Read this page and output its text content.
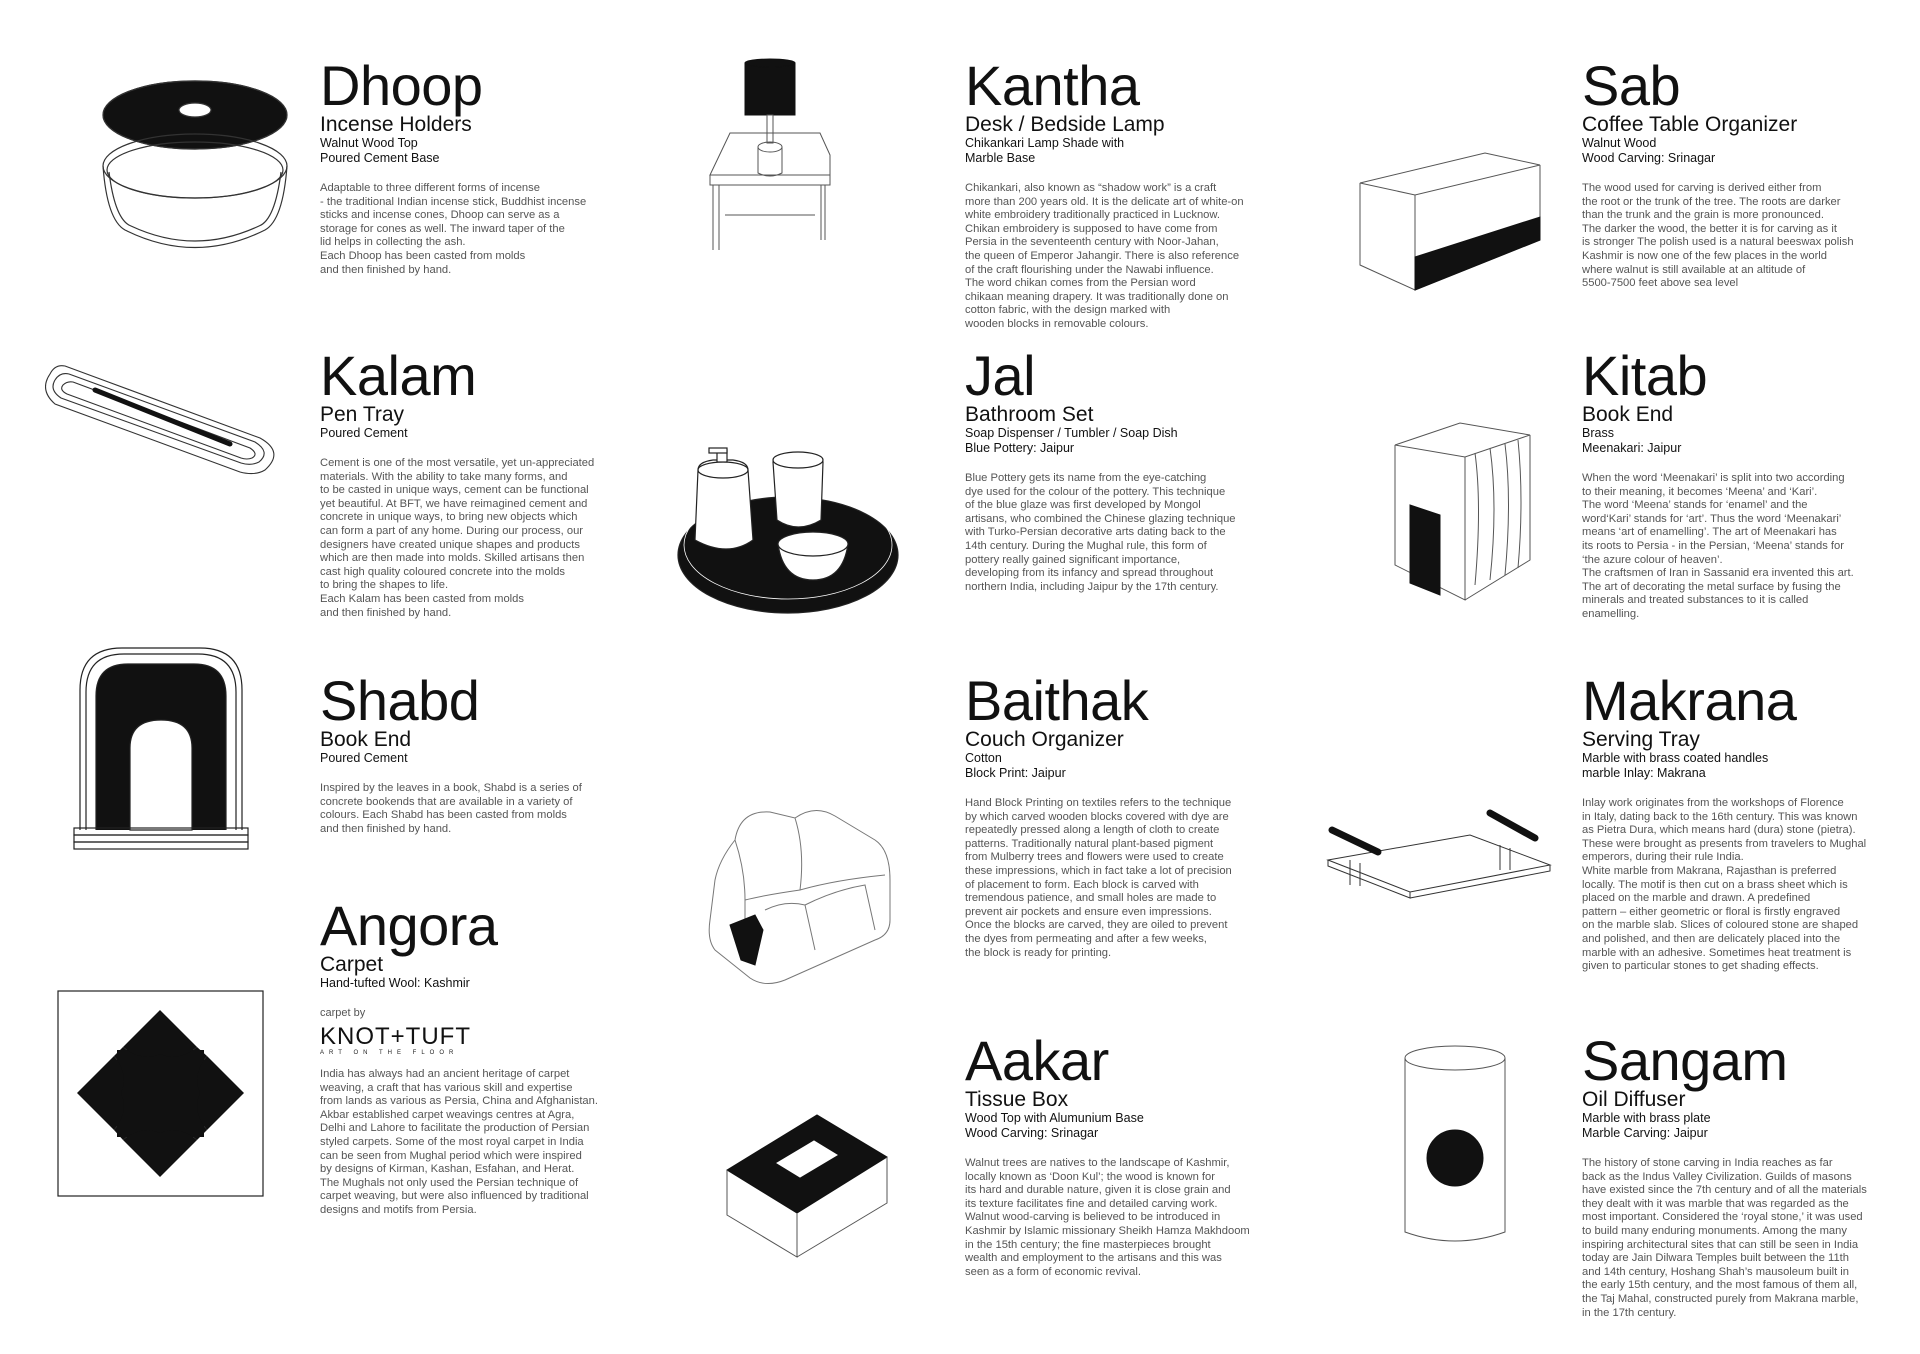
Dhoop
Incense Holders
Walnut Wood Top
Poured Cement Base
Adaptable to three different forms of incense
- the traditional Indian incense stick, Buddhist incense
sticks and incense cones, Dhoop can serve as a
storage for cones as well. The inward taper of the
lid helps in collecting the ash.
Each Dhoop has been casted from molds
and then finished by hand.
Kantha
Desk / Bedside Lamp
Chikankari Lamp Shade with
Marble Base
Chikankari, also known as “shadow work” is a craft
more than 200 years old. It is the delicate art of white-on
white embroidery traditionally practiced in Lucknow.
Chikan embroidery is supposed to have come from
Persia in the seventeenth century with Noor-Jahan,
the queen of Emperor Jahangir. There is also reference
of the craft flourishing under the Nawabi influence.
The word chikan comes from the Persian word
chikaan meaning drapery. It was traditionally done on
cotton fabric, with the design marked with
wooden blocks in removable colours.
Sab
Coffee Table Organizer
Walnut Wood
Wood Carving: Srinagar
The wood used for carving is derived either from
the root or the trunk of the tree. The roots are darker
than the trunk and the grain is more pronounced.
The darker the wood, the better it is for carving as it
is stronger The polish used is a natural beeswax polish
Kashmir is now one of the few places in the world
where walnut is still available at an altitude of
5500-7500 feet above sea level
Kalam
Pen Tray
Poured Cement
Cement is one of the most versatile, yet un-appreciated
materials. With the ability to take many forms, and
to be casted in unique ways, cement can be functional
yet beautiful. At BFT, we have reimagined cement and
concrete in unique ways, to bring new objects which
can form a part of any home. During our process, our
designers have created unique shapes and products
which are then made into molds. Skilled artisans then
cast high quality coloured concrete into the molds
to bring the shapes to life.
Each Kalam has been casted from molds
and then finished by hand.
Jal
Bathroom Set
Soap Dispenser / Tumbler / Soap Dish
Blue Pottery: Jaipur
Blue Pottery gets its name from the eye-catching
dye used for the colour of the pottery. This technique
of the blue glaze was first developed by Mongol
artisans, who combined the Chinese glazing technique
with Turko-Persian decorative arts dating back to the
14th century. During the Mughal rule, this form of
pottery really gained significant importance,
developing from its infancy and spread throughout
northern India, including Jaipur by the 17th century.
Kitab
Book End
Brass
Meenakari: Jaipur
When the word ‘Meenakari’ is split into two according
to their meaning, it becomes ‘Meena’ and ‘Kari’.
The word ‘Meena’ stands for ‘enamel’ and the
word‘Kari’ stands for ‘art’. Thus the word ‘Meenakari’
means ‘art of enamelling’. The art of Meenakari has
its roots to Persia - in the Persian, ‘Meena’ stands for
‘the azure colour of heaven’.
The craftsmen of Iran in Sassanid era invented this art.
The art of decorating the metal surface by fusing the
minerals and treated substances to it is called
enamelling.
Shabd
Book End
Poured Cement
Inspired by the leaves in a book, Shabd is a series of
concrete bookends that are available in a variety of
colours. Each Shabd has been casted from molds
and then finished by hand.
Baithak
Couch Organizer
Cotton
Block Print: Jaipur
Hand Block Printing on textiles refers to the technique
by which carved wooden blocks covered with dye are
repeatedly pressed along a length of cloth to create
patterns. Traditionally natural plant-based pigment
from Mulberry trees and flowers were used to create
these impressions, which in fact take a lot of precision
of placement to form. Each block is carved with
tremendous patience, and small holes are made to
prevent air pockets and ensure even impressions.
Once the blocks are carved, they are oiled to prevent
the dyes from permeating and after a few weeks,
the block is ready for printing.
Makrana
Serving Tray
Marble with brass coated handles
marble Inlay: Makrana
Inlay work originates from the workshops of Florence
in Italy, dating back to the 16th century. This was known
as Pietra Dura, which means hard (dura) stone (pietra).
These were brought as presents from travelers to Mughal
emperors, during their rule India.
White marble from Makrana, Rajasthan is preferred
locally. The motif is then cut on a brass sheet which is
placed on the marble and drawn. A predefined
pattern – either geometric or floral is firstly engraved
on the marble slab. Slices of coloured stone are shaped
and polished, and then are delicately placed into the
marble with an adhesive. Sometimes heat treatment is
given to particular stones to get shading effects.
Angora
Carpet
Hand-tufted Wool: Kashmir
carpet by
KNOT+TUFT
ART ON THE FLOOR
India has always had an ancient heritage of carpet
weaving, a craft that has various skill and expertise
from lands as various as Persia, China and Afghanistan.
Akbar established carpet weavings centres at Agra,
Delhi and Lahore to facilitate the production of Persian
styled carpets. Some of the most royal carpet in India
can be seen from Mughal period which were inspired
by designs of Kirman, Kashan, Esfahan, and Herat.
The Mughals not only used the Persian technique of
carpet weaving, but were also influenced by traditional
designs and motifs from Persia.
Aakar
Tissue Box
Wood Top with Alumunium Base
Wood Carving: Srinagar
Walnut trees are natives to the landscape of Kashmir,
locally known as ‘Doon Kul’; the wood is known for
its hard and durable nature, given it is close grain and
its texture facilitates fine and detailed carving work.
Walnut wood-carving is believed to be introduced in
Kashmir by Islamic missionary Sheikh Hamza Makhdoom
in the 15th century; the fine masterpieces brought
wealth and employment to the artisans and this was
seen as a form of economic revival.
Sangam
Oil Diffuser
Marble with brass plate
Marble Carving: Jaipur
The history of stone carving in India reaches as far
back as the Indus Valley Civilization. Guilds of masons
have existed since the 7th century and of all the materials
they dealt with it was marble that was regarded as the
most important. Considered the ‘royal stone,’ it was used
to build many enduring monuments. Among the many
inspiring architectural sites that can still be seen in India
today are Jain Dilwara Temples built between the 11th
and 14th century, Hoshang Shah’s mausoleum built in
the early 15th century, and the most famous of them all,
the Taj Mahal, constructed purely from Makrana marble,
in the 17th century.
